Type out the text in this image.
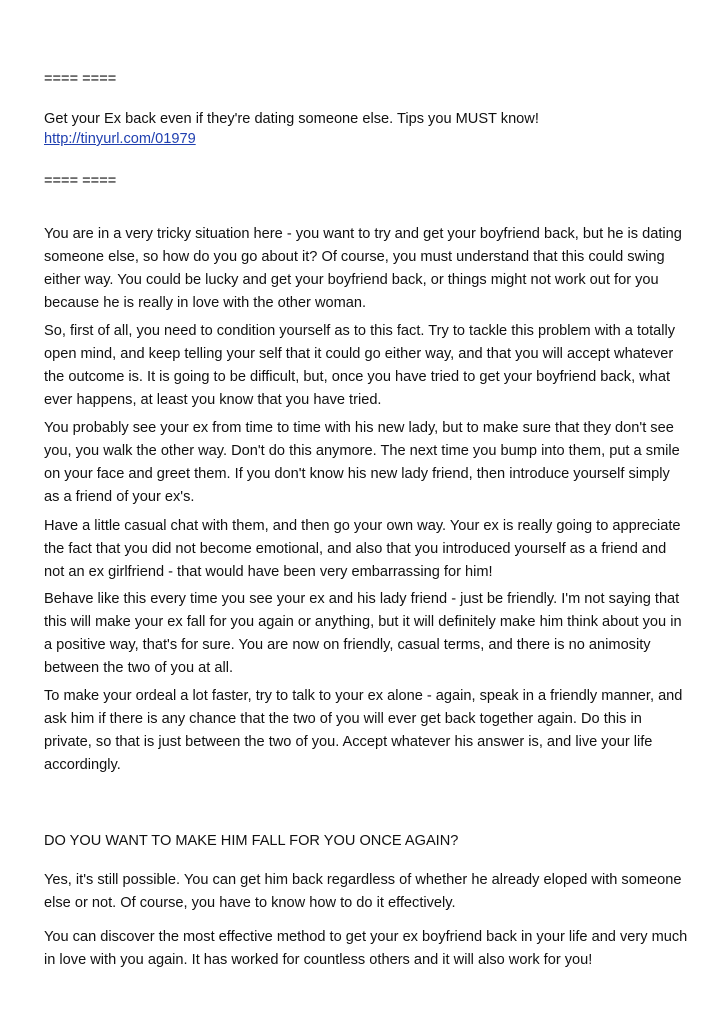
==== ====

Get your Ex back even if they're dating someone else. Tips you MUST know!

http://tinyurl.com/01979

==== ====

You are in a very tricky situation here - you want to try and get your boyfriend back, but he is dating someone else, so how do you go about it? Of course, you must understand that this could swing either way. You could be lucky and get your boyfriend back, or things might not work out for you because he is really in love with the other woman.

So, first of all, you need to condition yourself as to this fact. Try to tackle this problem with a totally open mind, and keep telling your self that it could go either way, and that you will accept whatever the outcome is. It is going to be difficult, but, once you have tried to get your boyfriend back, what ever happens, at least you know that you have tried.

You probably see your ex from time to time with his new lady, but to make sure that they don't see you, you walk the other way. Don't do this anymore. The next time you bump into them, put a smile on your face and greet them. If you don't know his new lady friend, then introduce yourself simply as a friend of your ex's.

Have a little casual chat with them, and then go your own way. Your ex is really going to appreciate the fact that you did not become emotional, and also that you introduced yourself as a friend and not an ex girlfriend - that would have been very embarrassing for him!

Behave like this every time you see your ex and his lady friend - just be friendly. I'm not saying that this will make your ex fall for you again or anything, but it will definitely make him think about you in a positive way, that's for sure. You are now on friendly, casual terms, and there is no animosity between the two of you at all.

To make your ordeal a lot faster, try to talk to your ex alone - again, speak in a friendly manner, and ask him if there is any chance that the two of you will ever get back together again. Do this in private, so that is just between the two of you. Accept whatever his answer is, and live your life accordingly.

DO YOU WANT TO MAKE HIM FALL FOR YOU ONCE AGAIN?

Yes, it's still possible. You can get him back regardless of whether he already eloped with someone else or not. Of course, you have to know how to do it effectively.

You can discover the most effective method to get your ex boyfriend back in your life and very much in love with you again. It has worked for countless others and it will also work for you!
